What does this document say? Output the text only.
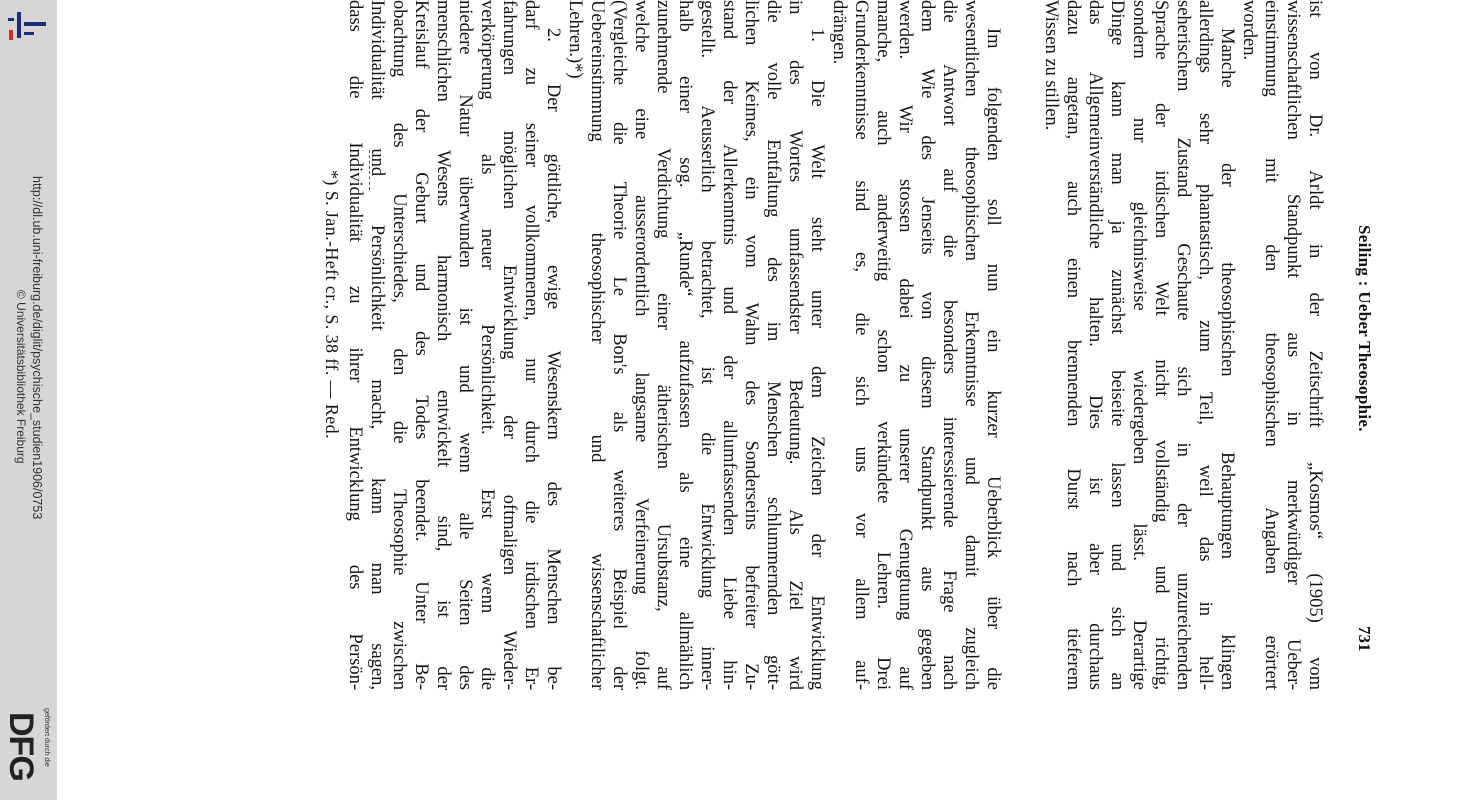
http://dl.ub.uni-freiburg.de/diglit/psychische_studien1906/0753
© Universitätsbibliothek Freiburg
gefördert durch die
DFG
Seiling : Ueber Theosophie.
731
ist von Dr. Arldt in der Zeitschrift „Kosmos“ (1905) vom
wissenschaftlichen Standpunkt aus in merkwürdiger Ueber-
einstimmung mit den theosophischen Angaben erörtert
worden.
Manche der theosophischen Behauptungen klingen
allerdings sehr phantastisch, zum Teil, weil das in hell-
seherischem Zustand Geschaute sich in der unzureichenden
Sprache der irdischen Welt nicht vollständig und richtig,
sondern nur gleichnisweise wiedergeben lässt. Derartige
Dinge kann man ja zunächst beiseite lassen und sich an
das Allgemeinverständliche halten. Dies ist aber durchaus
dazu angetan, auch einen brennenden Durst nach tieferem
Wissen zu stillen.
Im folgenden soll nun ein kurzer Ueberblick über die
wesentlichen theosophischen Erkenntnisse und damit zugleich
die Antwort auf die besonders interessierende Frage nach
dem Wie des Jenseits von diesem Standpunkt aus gegeben
werden. Wir stossen dabei zu unserer Genugtuung auf
manche, auch anderweitig schon verkündete Lehren. Drei
Grunderkenntnisse sind es, die sich uns vor allem auf-
drängen.
1. Die Welt steht unter dem Zeichen der Entwicklung
in des Wortes umfassendster Bedeutung. Als Ziel wird
die volle Entfaltung des im Menschen schlummernden gött-
lichen Keimes, ein vom Wahn des Sonderseins befreiter Zu-
stand der Allerkenntnis und der allumfassenden Liebe hin-
gestellt. Aeusserlich betrachtet, ist die Entwicklung inner-
halb einer sog. „Runde“ aufzufassen als eine allmählich
zunehmende Verdichtung einer ätherischen Ursubstanz, auf
welche eine ausserordentlich langsame Verfeinerung folgt.
(Vergleiche die Theorie Le Bon's als weiteres Beispiel der
Uebereinstimmung theosophischer und wissenschaftlicher
Lehren.)*)
2. Der göttliche, ewige Wesenskern des Menschen be-
darf zu seiner vollkommenen, nur durch die irdischen Er-
fahrungen möglichen Entwicklung der oftmaligen Wieder-
verkörperung als neuer Persönlichkeit. Erst wenn die
niedere Natur überwunden ist und wenn alle Seiten des
menschlichen Wesens harmonisch entwickelt sind, ist der
Kreislauf der Geburt und des Todes beendet. Unter Be-
obachtung des Unterschiedes, den die Theosophie zwischen
Individualität und Persönlichkeit macht, kann man sagen,
dass die Individualität zu ihrer Entwicklung des Persön-
*) S. Jan.-Heft cr., S. 38 ff. — Red.
